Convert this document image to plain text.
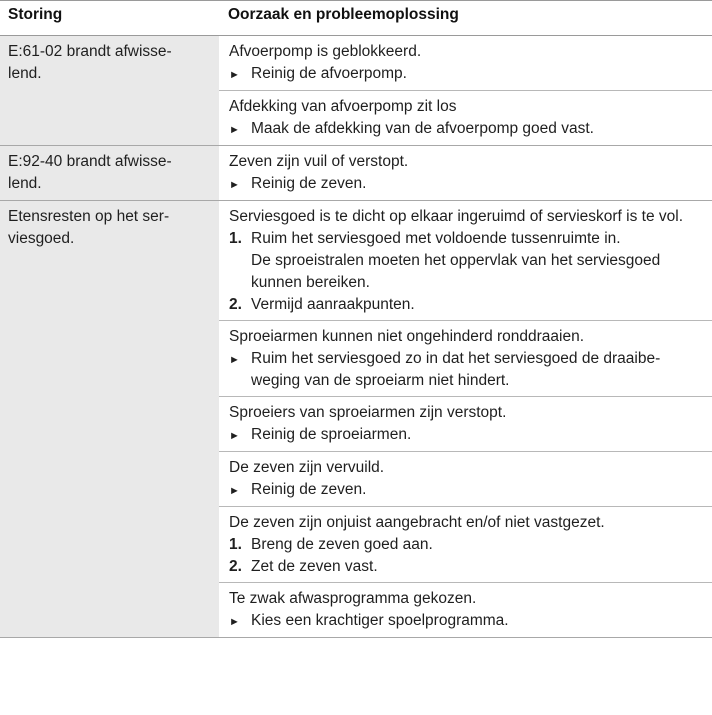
Storing	Oorzaak en probleemoplossing
E:61-02 brandt afwisse-
lend.
Afvoerpomp is geblokkeerd.
► Reinig de afvoerpomp.
Afdekking van afvoerpomp zit los
► Maak de afdekking van de afvoerpomp goed vast.
E:92-40 brandt afwisse-
lend.
Zeven zijn vuil of verstopt.
► Reinig de zeven.
Etensresten op het ser-
viesgoed.
Serviesgoed is te dicht op elkaar ingeruimd of servieskorf is te vol.
1. Ruim het serviesgoed met voldoende tussenruimte in.
De sproeistralen moeten het oppervlak van het serviesgoed kunnen bereiken.
2. Vermijd aanraakpunten.
Sproeiarmen kunnen niet ongehinderd ronddraaien.
► Ruim het serviesgoed zo in dat het serviesgoed de draaibe-
weging van de sproeiarm niet hindert.
Sproeiers van sproeiarmen zijn verstopt.
► Reinig de sproeiarmen.
De zeven zijn vervuild.
► Reinig de zeven.
De zeven zijn onjuist aangebracht en/of niet vastgezet.
1. Breng de zeven goed aan.
2. Zet de zeven vast.
Te zwak afwasprogramma gekozen.
► Kies een krachtiger spoelprogramma.
